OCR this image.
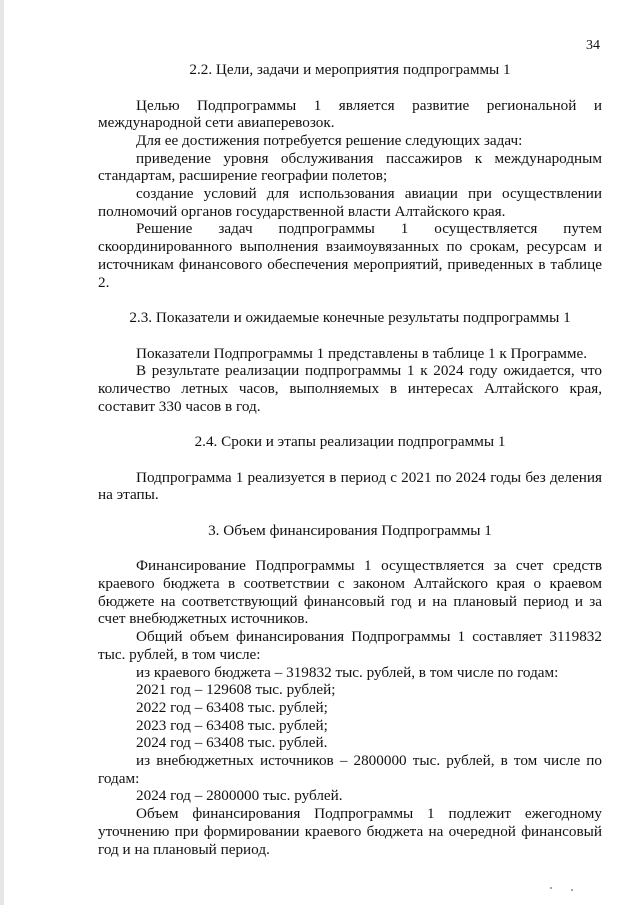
34
2.2. Цели, задачи и мероприятия подпрограммы 1

Целью Подпрограммы 1 является развитие региональной и международной сети авиаперевозок.

Для ее достижения потребуется решение следующих задач:

приведение уровня обслуживания пассажиров к международным стандартам, расширение географии полетов;

создание условий для использования авиации при осуществлении полномочий органов государственной власти Алтайского края.

Решение задач подпрограммы 1 осуществляется путем скоординированного выполнения взаимоувязанных по срокам, ресурсам и источникам финансового обеспечения мероприятий, приведенных в таблице 2.

2.3. Показатели и ожидаемые конечные результаты подпрограммы 1

Показатели Подпрограммы 1 представлены в таблице 1 к Программе.

В результате реализации подпрограммы 1 к 2024 году ожидается, что количество летных часов, выполняемых в интересах Алтайского края, составит 330 часов в год.

2.4. Сроки и этапы реализации подпрограммы 1

Подпрограмма 1 реализуется в период с 2021 по 2024 годы без деления на этапы.

3. Объем финансирования Подпрограммы 1

Финансирование Подпрограммы 1 осуществляется за счет средств краевого бюджета в соответствии с законом Алтайского края о краевом бюджете на соответствующий финансовый год и на плановый период и за счет внебюджетных источников.

Общий объем финансирования Подпрограммы 1 составляет 3119832 тыс. рублей, в том числе:

из краевого бюджета – 319832 тыс. рублей, в том числе по годам:

2021 год – 129608 тыс. рублей;

2022 год – 63408 тыс. рублей;

2023 год – 63408 тыс. рублей;

2024 год – 63408 тыс. рублей.

из внебюджетных источников – 2800000 тыс. рублей, в том числе по годам:

2024 год – 2800000 тыс. рублей.

Объем финансирования Подпрограммы 1 подлежит ежегодному уточнению при формировании краевого бюджета на очередной финансовый год и на плановый период.
